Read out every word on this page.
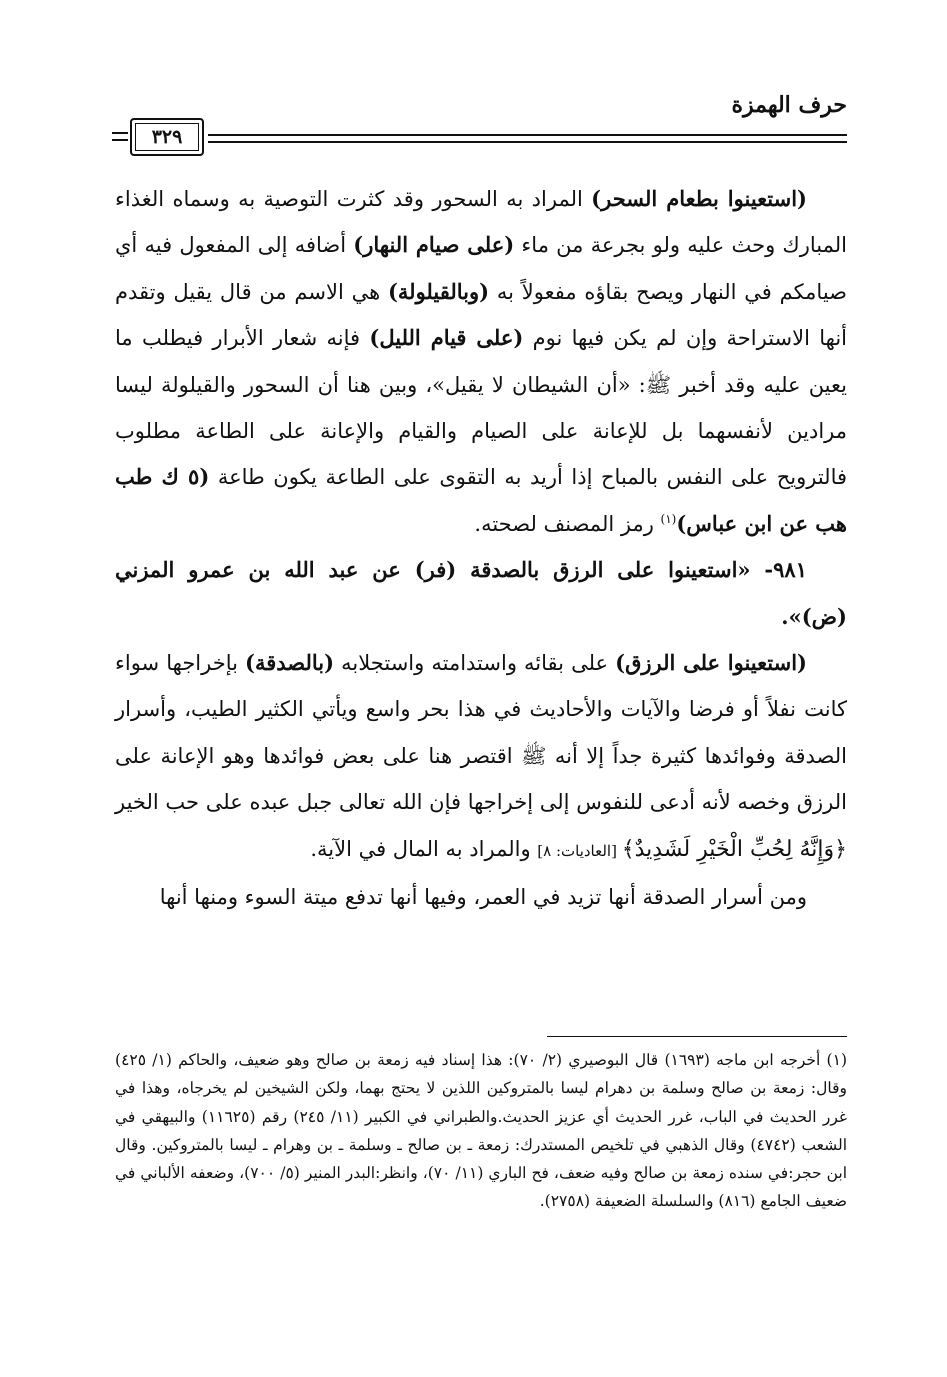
حرف الهمزة
٣٢٩

(استعينوا بطعام السحر) المراد به السحور وقد كثرت التوصية به وسماه الغذاء المبارك وحث عليه ولو بجرعة من ماء (على صيام النهار) أضافه إلى المفعول فيه أي صيامكم في النهار ويصح بقاؤه مفعولاً به (وبالقيلولة) هي الاسم من قال يقيل وتقدم أنها الاستراحة وإن لم يكن فيها نوم (على قيام الليل) فإنه شعار الأبرار فيطلب ما يعين عليه وقد أخبر ﷺ: «أن الشيطان لا يقيل»، وبين هنا أن السحور والقيلولة ليسا مرادين لأنفسهما بل للإعانة على الصيام والقيام والإعانة على الطاعة مطلوب فالترويح على النفس بالمباح إذا أريد به التقوى على الطاعة يكون طاعة (٥ ك طب هب عن ابن عباس)$^{(١)}$ رمز المصنف لصحته.

٩٨١- «استعينوا على الرزق بالصدقة (فر) عن عبد الله بن عمرو المزني (ض)».

(استعينوا على الرزق) على بقائه واستدامته واستجلابه (بالصدقة) بإخراجها سواء كانت نفلاً أو فرضا والآيات والأحاديث في هذا بحر واسع ويأتي الكثير الطيب، وأسرار الصدقة وفوائدها كثيرة جداً إلا أنه ﷺ اقتصر هنا على بعض فوائدها وهو الإعانة على الرزق وخصه لأنه أدعى للنفوس إلى إخراجها فإن الله تعالى جبل عبده على حب الخير ﴿وَإِنَّهُ لِحُبِّ الْخَيْرِ لَشَدِيدٌ﴾ [العاديات: ٨] والمراد به المال في الآية.

ومن أسرار الصدقة أنها تزيد في العمر، وفيها أنها تدفع ميتة السوء ومنها أنها

(١) أخرجه ابن ماجه (١٦٩٣) قال البوصيري (٢/ ٧٠): هذا إسناد فيه زمعة بن صالح وهو ضعيف، والحاكم (١/ ٤٢٥) وقال: زمعة بن صالح وسلمة بن دهرام ليسا بالمتروكين اللذين لا يحتج بهما، ولكن الشيخين لم يخرجاه، وهذا في غرر الحديث في الباب، غرر الحديث أي عزيز الحديث.والطبراني في الكبير (١١/ ٢٤٥) رقم (١١٦٢٥) والبيهقي في الشعب (٤٧٤٢) وقال الذهبي في تلخيص المستدرك: زمعة ـ بن صالح ـ وسلمة ـ بن وهرام ـ ليسا بالمتروكين. وقال ابن حجر:في سنده زمعة بن صالح وفيه ضعف، فح الباري (١١/ ٧٠)، وانظر:البدر المنير (٥/ ٧٠٠)، وضعفه الألباني في ضعيف الجامع (٨١٦) والسلسلة الضعيفة (٢٧٥٨).
